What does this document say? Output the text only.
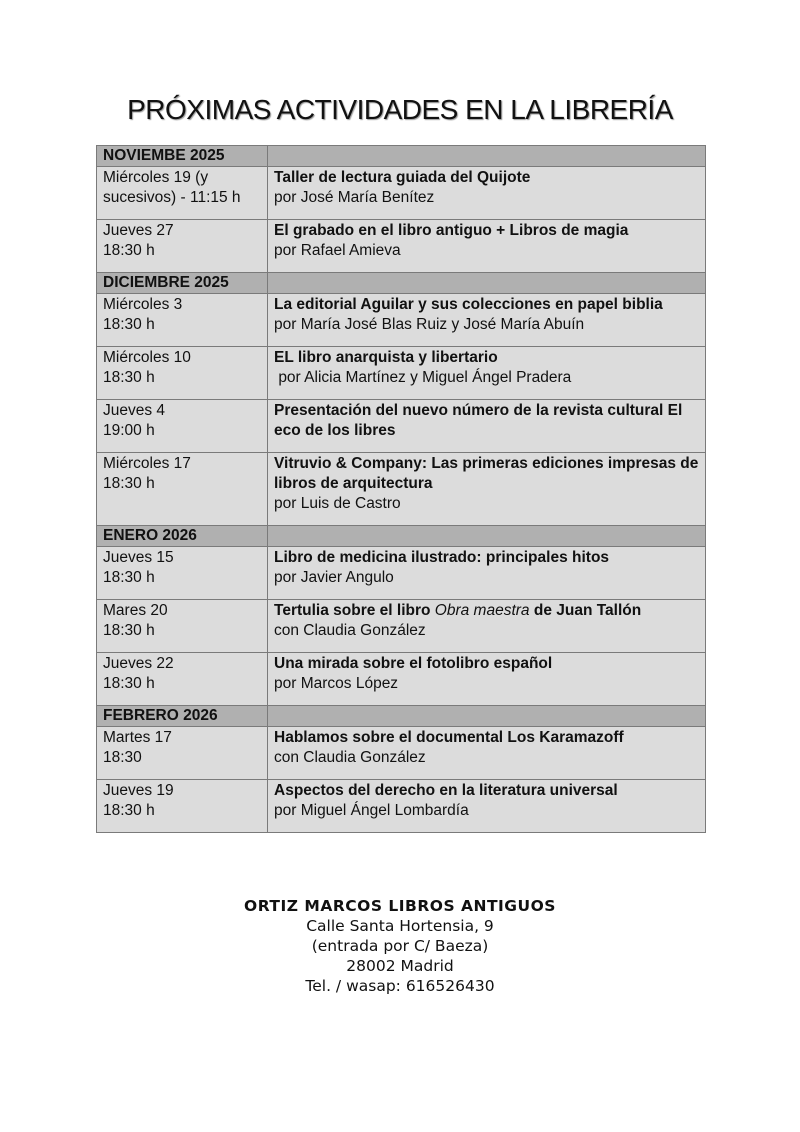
PRÓXIMAS ACTIVIDADES EN LA LIBRERÍA
NOVIEMBE 2025	

Miércoles 19 (y
sucesivos) - 11:15 h	Taller de lectura guiada del Quijote
por José María Benítez

Jueves 27
18:30 h	El grabado en el libro antiguo + Libros de magia
por Rafael Amieva

DICIEMBRE 2025	

Miércoles 3
18:30 h	La editorial Aguilar y sus colecciones en papel biblia
por María José Blas Ruiz y José María Abuín

Miércoles 10
18:30 h	EL libro anarquista y libertario
por Alicia Martínez y Miguel Ángel Pradera

Jueves 4
19:00 h	Presentación del nuevo número de la revista cultural El eco de los libres

Miércoles 17
18:30 h	Vitruvio & Company: Las primeras ediciones impresas de libros de arquitectura
por Luis de Castro

ENERO 2026	

Jueves 15
18:30 h	Libro de medicina ilustrado: principales hitos
por Javier Angulo

Mares 20
18:30 h	Tertulia sobre el libro Obra maestra de Juan Tallón
con Claudia González

Jueves 22
18:30 h	Una mirada sobre el fotolibro español
por Marcos López

FEBRERO 2026	

Martes 17
18:30	Hablamos sobre el documental Los Karamazoff
con Claudia González

Jueves 19
18:30 h	Aspectos del derecho en la literatura universal
por Miguel Ángel Lombardía
ORTIZ MARCOS LIBROS ANTIGUOS
Calle Santa Hortensia, 9
(entrada por C/ Baeza)
28002 Madrid
Tel. / wasap: 616526430
